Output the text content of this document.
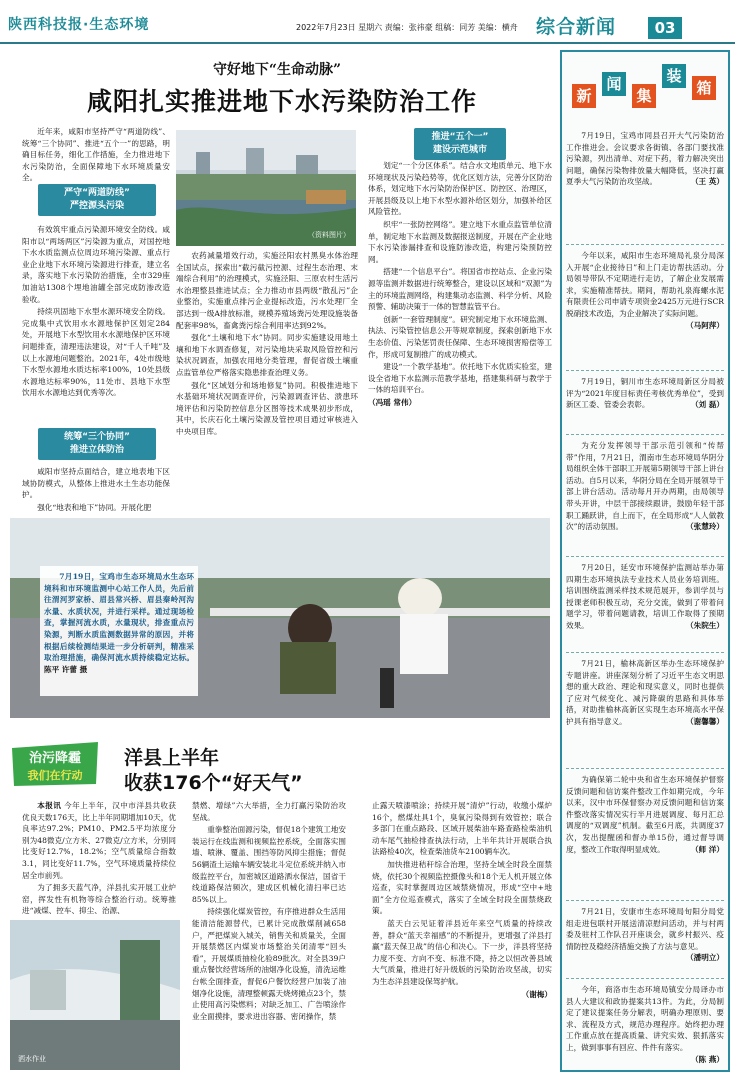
陕西科技报·生态环境	2022年7月23日 星期六 责编：张祎豪 组稿：同芳 美编：横舟 综合新闻	03
守好地下“生命动脉”
咸阳扎实推进地下水污染防治工作

近年来，咸阳市坚持严守“两道防线”、统筹“三个协同”、推进“五个一”的思路，明确目标任务，细化工作措施，全力推进地下水污染防治，全面保障地下水环境质量安全。

严守“两道防线”
严控源头污染

有效筑牢重点污染源环境安全防线。咸阳市以“两场两区”污染源为重点，对国控地下水水质监测点位周边环境污染源、重点行业企业地下水环境污染源进行排查，建立名录，落实地下水污染防治措施，全市329座加油站1308个埋地油罐全部完成防渗改造验收。

持续巩固地下水型水源环境安全防线。完成集中式饮用水水源地保护区划定284处，开展地下水型饮用水水源地保护区环境问题排查，清理违法建设，对“千人千吨”及以上水源地问题整治。2021年，4处市级地下水型水源地水质达标率100%，10处县级水源地达标率90%，11处市、县地下水型饮用水水源地达到优秀等次。

统筹“三个协同”
推进立体防治

咸阳市坚持点面结合，建立地表地下区域协防模式，从整体上推进水土生态功能保护。

强化“地表和地下”协同。开展化肥

（资料图片）

农药减量增效行动，实施泾阳农村黑臭水体治理全国试点，探索出“截污截污控源、过程生态治理、末端综合利用”的治理模式，实施泾阳、三原农村生活污水治理整县推进试点；全力推动市县两级“散乱污”企业整治，实施重点排污企业提标改造，污水处理厂全部达到一级A排放标准，规模养殖场粪污处理设施装备配套率98%，畜禽粪污综合利用率达到92%。

强化“土壤和地下水”协同。同步实施建设用地土壤和地下水调查修复，对污染地块采取风险管控和污染状况调查，加强农用地分类管理，督促省级土壤重点监管单位严格落实隐患排查治理义务。

强化“区域划分和场地修复”协同。积极推进地下水基础环境状况调查评价，污染源调查评估、溃患环境评估和污染防控信息分区图等技术成果初步形成，其中，长庆石化土壤污染源及管控项目通过审核进入中央项目库。

推进“五个一”
建设示范城市

划定“一个分区体系”。结合水文地质单元、地下水环境现状及污染趋势等，优化区划方法，完善分区防治体系，划定地下水污染防治保护区、防控区、治理区，开展县级及以上地下水型水源补给区划分，加强补给区风险管控。

织牢“一张防控网络”。建立地下水重点监管单位清单，制定地下水监测及数据报送制度，开展在产企业地下水污染渗漏排查和设施防渗改造，构建污染预防控网。

搭建“一个信息平台”。将国省市控站点、企业污染源等监测并数据进行统筹整合，建设以区域和“双源”为主的环境监测网络，构建集动态监测、科学分析、风险预警、辅助决策于一体的智慧监管平台。

创新“一套管理制度”。研究制定地下水环境监测、执法、污染管控信息公开等规章制度，探索创新地下水生态价值、污染惩罚责任保障、生态环境损害赔偿等工作，形成可复制推广的成功模式。

建设“一个教学基地”。依托地下水优质实验室，建设全省地下水监测示范教学基地，搭建集科研与教学于一体的培训平台。

（冯瑶 常伟）

7月19日，宝鸡市生态环境局水生态环境科和市环境监测中心站工作人员，先后前往渭河罗家桥、眉县常兴桥、眉县秦岭河沟水量、水质状况，并进行采样。通过现场检查，掌握河流水质，水量现状，排查重点污染源，判断水质监测数据异常的原因，并将根据后续检测结果进一步分析研判，精准采取治理措施，确保河流水质持续稳定达标。 陈平 许蕾 摄
治污降霾
我们在行动
洋县上半年
收获176个“好天气”

本报讯 今年上半年，汉中市洋县共收获优良天数176天，比上半年同期增加10天，优良率达97.2%；PM10、PM2.5平均浓度分别为48微克/立方米、27微克/立方米，分别同比变好12.7%，18.2%；空气质量综合指数3.1，同比变好11.7%，空气环境质量持续位居全市前列。

为了拥多天蓝气净，洋县扎实开展工业炉窑，挥发性有机物等综合整治行动。统筹推进“减煤、控车、抑尘、治源、

洒水作业

禁燃、增绿”六大举措，全力打赢污染防治攻坚战。

重拳整治面源污染，督促18个建筑工地安装运行在线监测和视频监控系统，全面落实围墙、喷淋、覆盖、围挡等防风抑尘措施；督促56辆渣土运输车辆安装北斗定位系统并纳入市级监控平台，加密城区道路洒水保洁，国省干线道路保洁频次，建成区机械化清扫率已达85%以上。

持续强化煤炭管控，有序推进群众生活用能清洁能源替代，已累计完成散煤削减658户，严把煤炭入城关，销售关和质量关，全面开展禁燃区内煤炭市场整治关闭清零“回头看”，开展煤质抽检化验89批次。对全县39户重点餐饮经营场所的油烟净化设施，清洗运维台帐全面排查，督促6户餐饮经营户加装了油烟净化设施，清理整顿露天烧烤摊点23个，禁止使用高污染燃料；对缺乏加工、广告喷涂作业全面摸排，要求进出容器、密闭操作，禁

止露天喷漆喷涂；持续开展“清炉”行动，收缴小煤炉16个，燃煤灶具1个，臭氧污染得到有效管控；联合多部门在重点路段、区域开展柴油车路查路检柴油机动车尾气抽检排查执法行动，上半年共计开展联合执法路检40次，检查柴油货车2100辆车次。

加快推进秸秆综合治理，坚持全域全时段全面禁烧，依托30个视频监控摄像头和18个无人机开展立体巡查，实时掌握周边区域禁烧情况，形成“空中+地面”全方位巡查模式，落实了全域全时段全面禁烧政策。

蓝天白云见证着洋县近年来空气质量的持续改善，群众“蓝天幸福感”的不断提升，更增强了洋县打赢“蓝天保卫战”的信心和决心。下一步，洋县将坚持力度不变、方向不变、标准不降，持之以恒改善县域大气质量，推进打好升级版的污染防治攻坚战，切实为生态洋县建设保驾护航。

（谢梅）

新
闻
集
装
箱
7月19日，宝鸡市同县召开大气污染防治工作推进会。会议要求各街镇、各部门要找准污染源，列出清单、对症下药，着力解决突出问题，确保污染物排放量大幅降低，坚决打赢夏季大气污染防治攻坚战。	（王 英）
今年以来，咸阳市生态环境局礼泉分局深入开展“企业接待日”和上门走访帮扶活动。分局领导带队不定期进行走访，了解企业发展需求，实施精准帮扶。期间，帮助礼泉海螺水泥有限责任公司申请专项资金2425万元进行SCR脱硝技术改造，为企业解决了实际问题。
（马阿萍）
7月19日，铜川市生态环境局新区分局被评为“2021年度目标责任考核优秀单位”，受到新区工委、管委会表彰。	（刘 磊）
为充分发挥领导干部示范引领和“传帮带”作用，7月21日，渭南市生态环境局华阴分局组织全体干部职工开展第5期领导干部上讲台活动。自5月以来，华阴分局在全局开展领导干部上讲台活动。活动每月开办两期，由局领导带头开讲，中层干部接续跟讲，鼓励年轻干部职工踊跃讲，自上而下，在全局形成“人人做教次”的活动氛围。	（张慧玲）
7月20日，延安市环境保护监测站举办第四期生态环境执法专业技术人员业务培训班。培训围绕监测采样技术规范展开，参训学员与授课老师积极互动，充分交流，做到了带着问题学习，带着问题请教，培训工作取得了预期效果。	（朱院生）
7月21日，榆林高新区举办生态环境保护专题讲座。讲座深刻分析了习近平生态文明思想的重大政治、理论和现实意义，同时也提供了应对气候变化、减污降碳的思路和具体举措，对助推榆林高新区实现生态环境高水平保护具有指导意义。	（谢馨馨）
为确保第二轮中央和省生态环境保护督察反馈问题和信访案件整改工作如期完成，今年以来，汉中市环保督察办对反馈问题和信访案件整改落实情况实行半月进展调度、每月汇总调度的“双调度”机制。截至6月底，共调度37次，发出提醒函和督办单15份，通过督导调度，整改工作取得明显成效。	（师 洋）
7月21日，安康市生态环境局旬阳分局党组走进包联村开展送清凉慰问活动，并与村两委及驻村工作队召开座谈会，就乡村振兴、疫情防控及稳经济措施交换了方法与意见。
（潘明立）
今年，商洛市生态环境局镇安分局译办市县人大建议和政协提案共13件。为此，分局制定了建议提案任务分解表，明确办理原则、要求、流程及方式，规范办理程序。始终把办理工作重点放在提高质量、讲究实效、狠抓落实上，做到事事有回应、件件有落实。
（陈 燕）
